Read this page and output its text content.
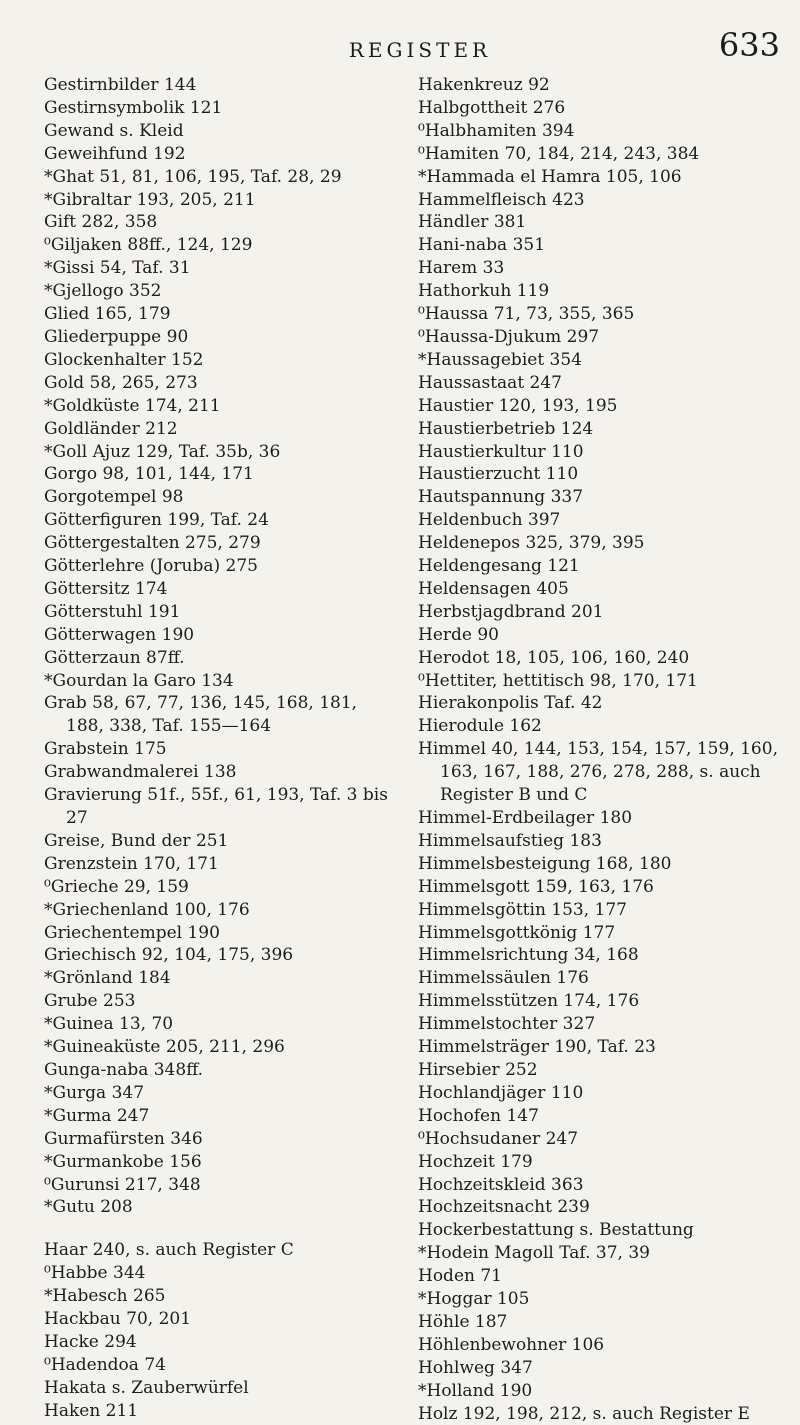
REGISTER	633

Gestirnbilder 144

Gestirnsymbolik 121

Gewand s. Kleid

Geweihfund 192

*Ghat 51, 81, 106, 195, Taf. 28, 29

*Gibraltar 193, 205, 211

Gift 282, 358

⁰Giljaken 88ff., 124, 129

*Gissi 54, Taf. 31

*Gjellogo 352

Glied 165, 179

Gliederpuppe 90

Glockenhalter 152

Gold 58, 265, 273

*Goldküste 174, 211

Goldländer 212

*Goll Ajuz 129, Taf. 35b, 36

Gorgo 98, 101, 144, 171

Gorgotempel 98

Götterfiguren 199, Taf. 24

Göttergestalten 275, 279

Götterlehre (Joruba) 275

Göttersitz 174

Götterstuhl 191

Götterwagen 190

Götterzaun 87ff.

*Gourdan la Garo 134

Grab 58, 67, 77, 136, 145, 168, 181, 188, 338, Taf. 155—164

Grabstein 175

Grabwandmalerei 138

Gravierung 51f., 55f., 61, 193, Taf. 3 bis 27

Greise, Bund der 251

Grenzstein 170, 171

⁰Grieche 29, 159

*Griechenland 100, 176

Griechentempel 190

Griechisch 92, 104, 175, 396

*Grönland 184

Grube 253

*Guinea 13, 70

*Guineaküste 205, 211, 296

Gunga-naba 348ff.

*Gurga 347

*Gurma 247

Gurmafürsten 346

*Gurmankobe 156

⁰Gurunsi 217, 348

*Gutu 208

Haar 240, s. auch Register C

⁰Habbe 344

*Habesch 265

Hackbau 70, 201

Hacke 294

⁰Hadendoa 74

Hakata s. Zauberwürfel

Haken 211

Hakenkreuz 92

Halbgottheit 276

⁰Halbhamiten 394

⁰Hamiten 70, 184, 214, 243, 384

*Hammada el Hamra 105, 106

Hammelfleisch 423

Händler 381

Hani-naba 351

Harem 33

Hathorkuh 119

⁰Haussa 71, 73, 355, 365

⁰Haussa-Djukum 297

*Haussagebiet 354

Haussastaat 247

Haustier 120, 193, 195

Haustierbetrieb 124

Haustierkultur 110

Haustierzucht 110

Hautspannung 337

Heldenbuch 397

Heldenepos 325, 379, 395

Heldengesang 121

Heldensagen 405

Herbstjagdbrand 201

Herde 90

Herodot 18, 105, 106, 160, 240

⁰Hettiter, hettitisch 98, 170, 171

Hierakonpolis Taf. 42

Hierodule 162

Himmel 40, 144, 153, 154, 157, 159, 160, 163, 167, 188, 276, 278, 288, s. auch Register B und C

Himmel-Erdbeilager 180

Himmelsaufstieg 183

Himmelsbesteigung 168, 180

Himmelsgott 159, 163, 176

Himmelsgöttin 153, 177

Himmelsgottkönig 177

Himmelsrichtung 34, 168

Himmelssäulen 176

Himmelsstützen 174, 176

Himmelstochter 327

Himmelsträger 190, Taf. 23

Hirsebier 252

Hochlandjäger 110

Hochofen 147

⁰Hochsudaner 247

Hochzeit 179

Hochzeitskleid 363

Hochzeitsnacht 239

Hockerbestattung s. Bestattung

*Hodein Magoll Taf. 37, 39

Hoden 71

*Hoggar 105

Höhle 187

Höhlenbewohner 106

Hohlweg 347

*Holland 190

Holz 192, 198, 212, s. auch Register E
